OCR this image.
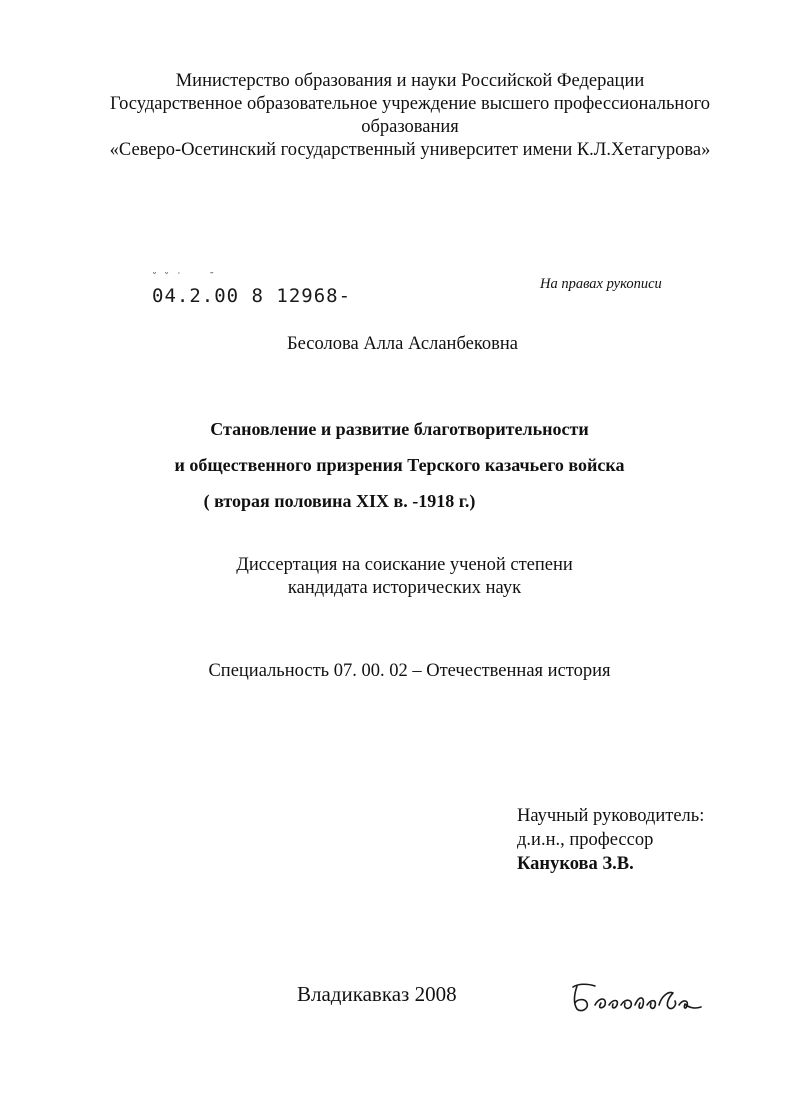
Министерство образования и науки Российской Федерации
Государственное образовательное учреждение высшего профессионального
образования
«Северо-Осетинский государственный университет имени К.Л.Хетагурова»
˘ ˘ ˙     ˉ
04.2.00 8 12968-
На правах рукописи
Бесолова Алла Асланбековна
Становление и развитие благотворительности
и общественного призрения Терского казачьего войска
( вторая половина XIX в. -1918 г.)
Диссертация на соискание ученой степени
кандидата исторических наук
Специальность 07. 00. 02 – Отечественная история
Научный руководитель:
д.и.н., профессор
Канукова З.В.
Владикавказ 2008
